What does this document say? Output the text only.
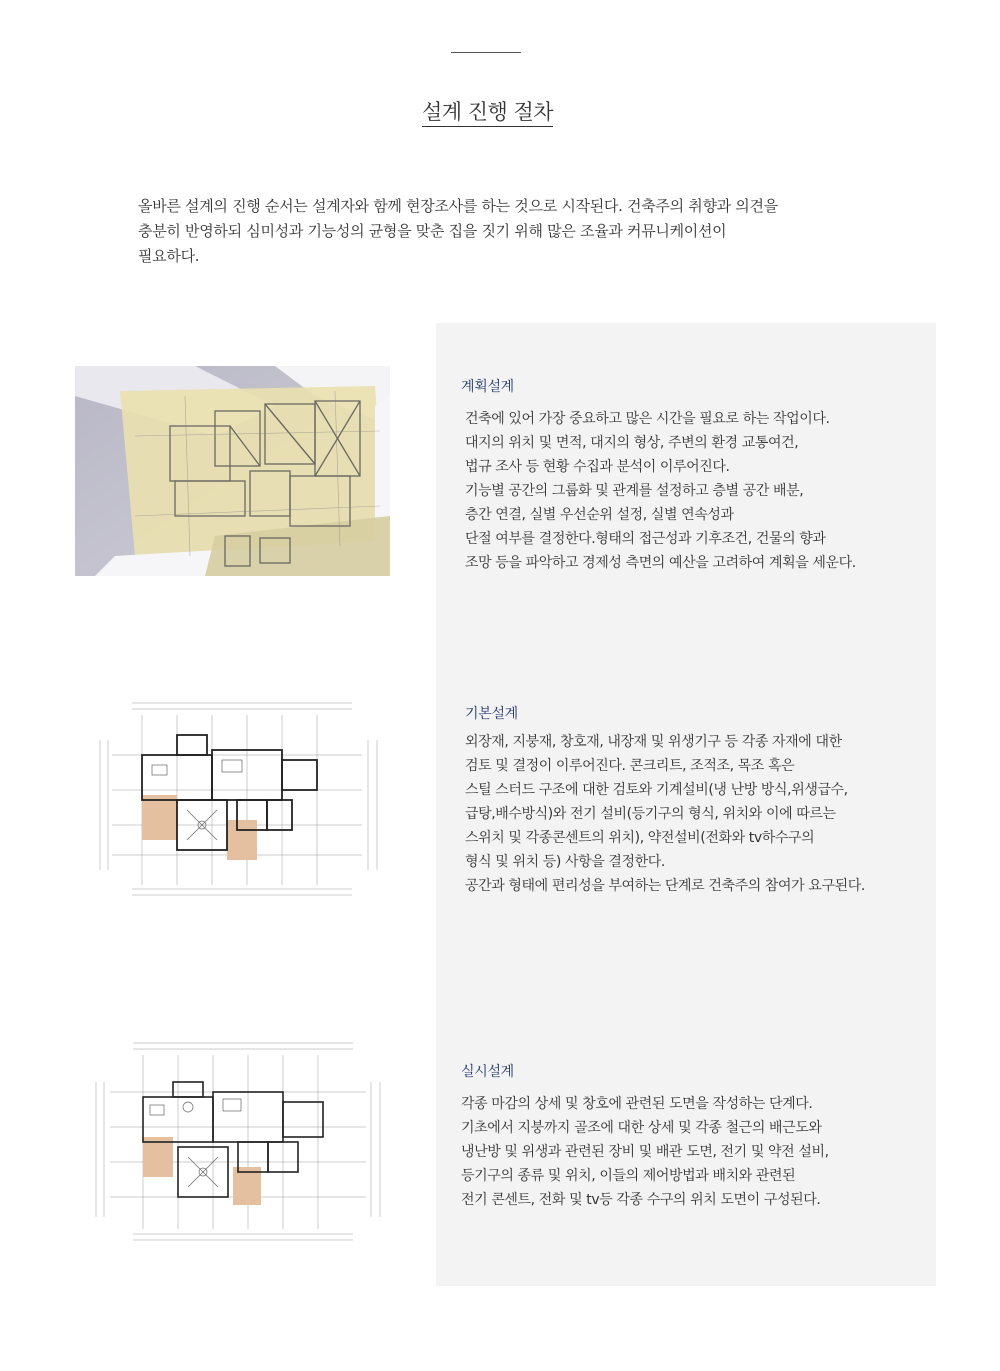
설계 진행 절차
올바른 설계의 진행 순서는 설계자와 함께 현장조사를 하는 것으로 시작된다. 건축주의 취향과 의견을
충분히 반영하되 심미성과 기능성의 균형을 맞춘 집을 짓기 위해 많은 조율과 커뮤니케이션이
필요하다.
계획설계
건축에 있어 가장 중요하고 많은 시간을 필요로 하는 작업이다.
대지의 위치 및 면적, 대지의 형상, 주변의 환경 교통여건,
법규 조사 등 현황 수집과 분석이 이루어진다.
기능별 공간의 그룹화 및 관계를 설정하고 층별 공간 배분,
층간 연결, 실별 우선순위 설정, 실별 연속성과
단절 여부를 결정한다.형태의 접근성과 기후조건, 건물의 향과
조망 등을 파악하고 경제성 측면의 예산을 고려하여 계획을 세운다.
기본설계
외장재, 지붕재, 창호재, 내장재 및 위생기구 등 각종 자재에 대한
검토 및 결정이 이루어진다. 콘크리트, 조적조, 목조 혹은
스틸 스터드 구조에 대한 검토와 기계설비(냉 난방 방식,위생급수,
급탕,배수방식)와 전기 설비(등기구의 형식, 위치와 이에 따르는
스위치 및 각종콘센트의 위치), 약전설비(전화와 tv하수구의
형식 및 위치 등) 사항을 결정한다.
공간과 형태에 편리성을 부여하는 단계로 건축주의 참여가 요구된다.
실시설계
각종 마감의 상세 및 창호에 관련된 도면을 작성하는 단계다.
기초에서 지붕까지 골조에 대한 상세 및 각종 철근의 배근도와
냉난방 및 위생과 관련된 장비 및 배관 도면, 전기 및 약전 설비,
등기구의 종류 및 위치, 이들의 제어방법과 배치와 관련된
전기 콘센트, 전화 및 tv등 각종 수구의 위치 도면이 구성된다.
